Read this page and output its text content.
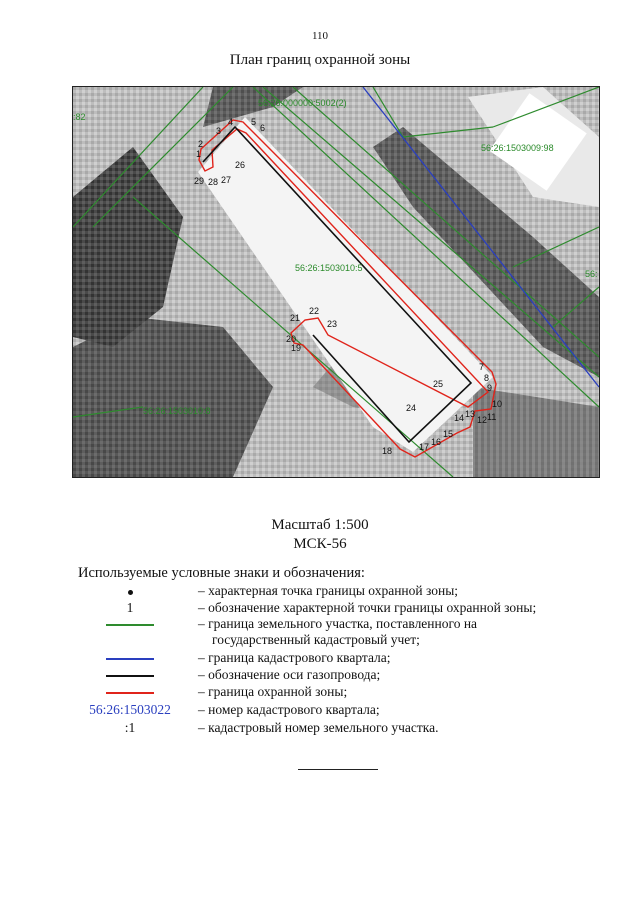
110
План границ охранной зоны
56:26:000000:5002(2)
56:26:1503009:98
56:26:1503010:5
56:26:1503010:8
:82
56:
1
2
3
4 5
6
7
8
9
10
11
12
13
14
15
16
17
18
19
20
21
22
23
24
25
26
27
28
29
Масштаб 1:500
МСК-56
Используемые условные знаки и обозначения:
– характерная точка границы охранной зоны;
1	– обозначение характерной точки границы охранной зоны;
– граница земельного участка, поставленного на
государственный кадастровый учет;
– граница кадастрового квартала;
– обозначение оси газопровода;
– граница охранной зоны;
56:26:1503022	– номер кадастрового квартала;
:1	– кадастровый номер земельного участка.
